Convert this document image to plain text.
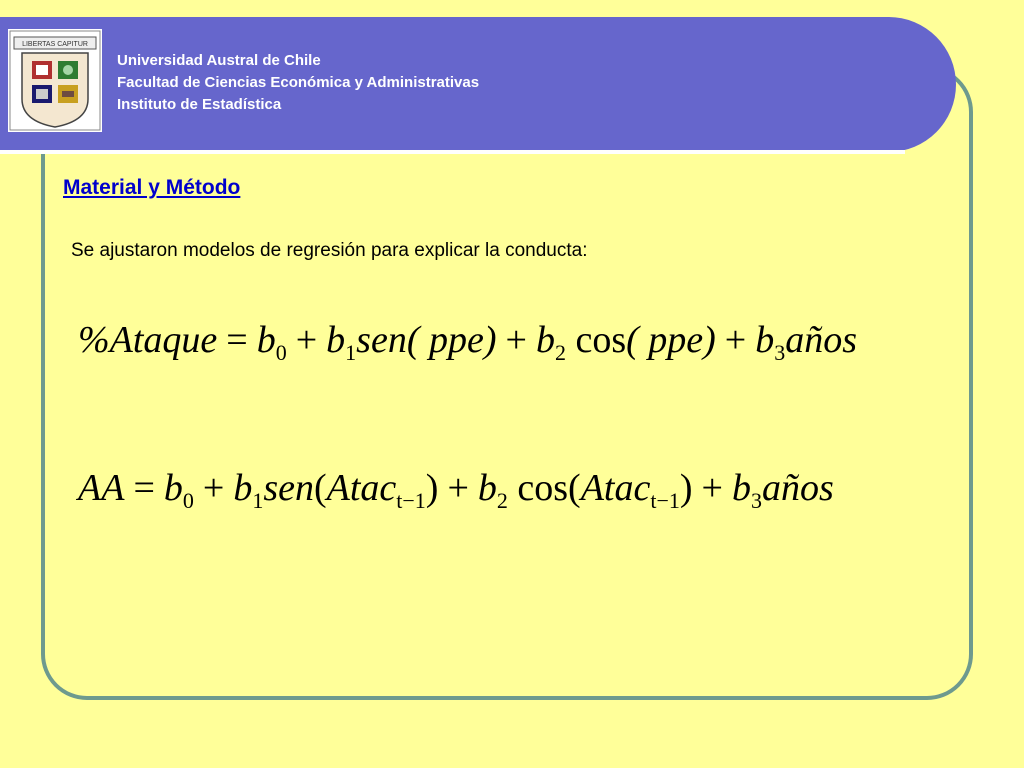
LIBERTAS CAPITUR
Universidad Austral de Chile
Facultad de Ciencias Económica y Administrativas
Instituto de Estadística
Material y Método
Se ajustaron modelos de regresión para explicar la conducta:
%Ataque = $b_0 + b_1sen$( $ppe) + b_2$ cos( $ppe) + b_3años$
AA = $b_0$ + $b_1sen(Atac_{t-1}) + b_2$ cos(Atac$_{t-1}$) + $b_3años$
